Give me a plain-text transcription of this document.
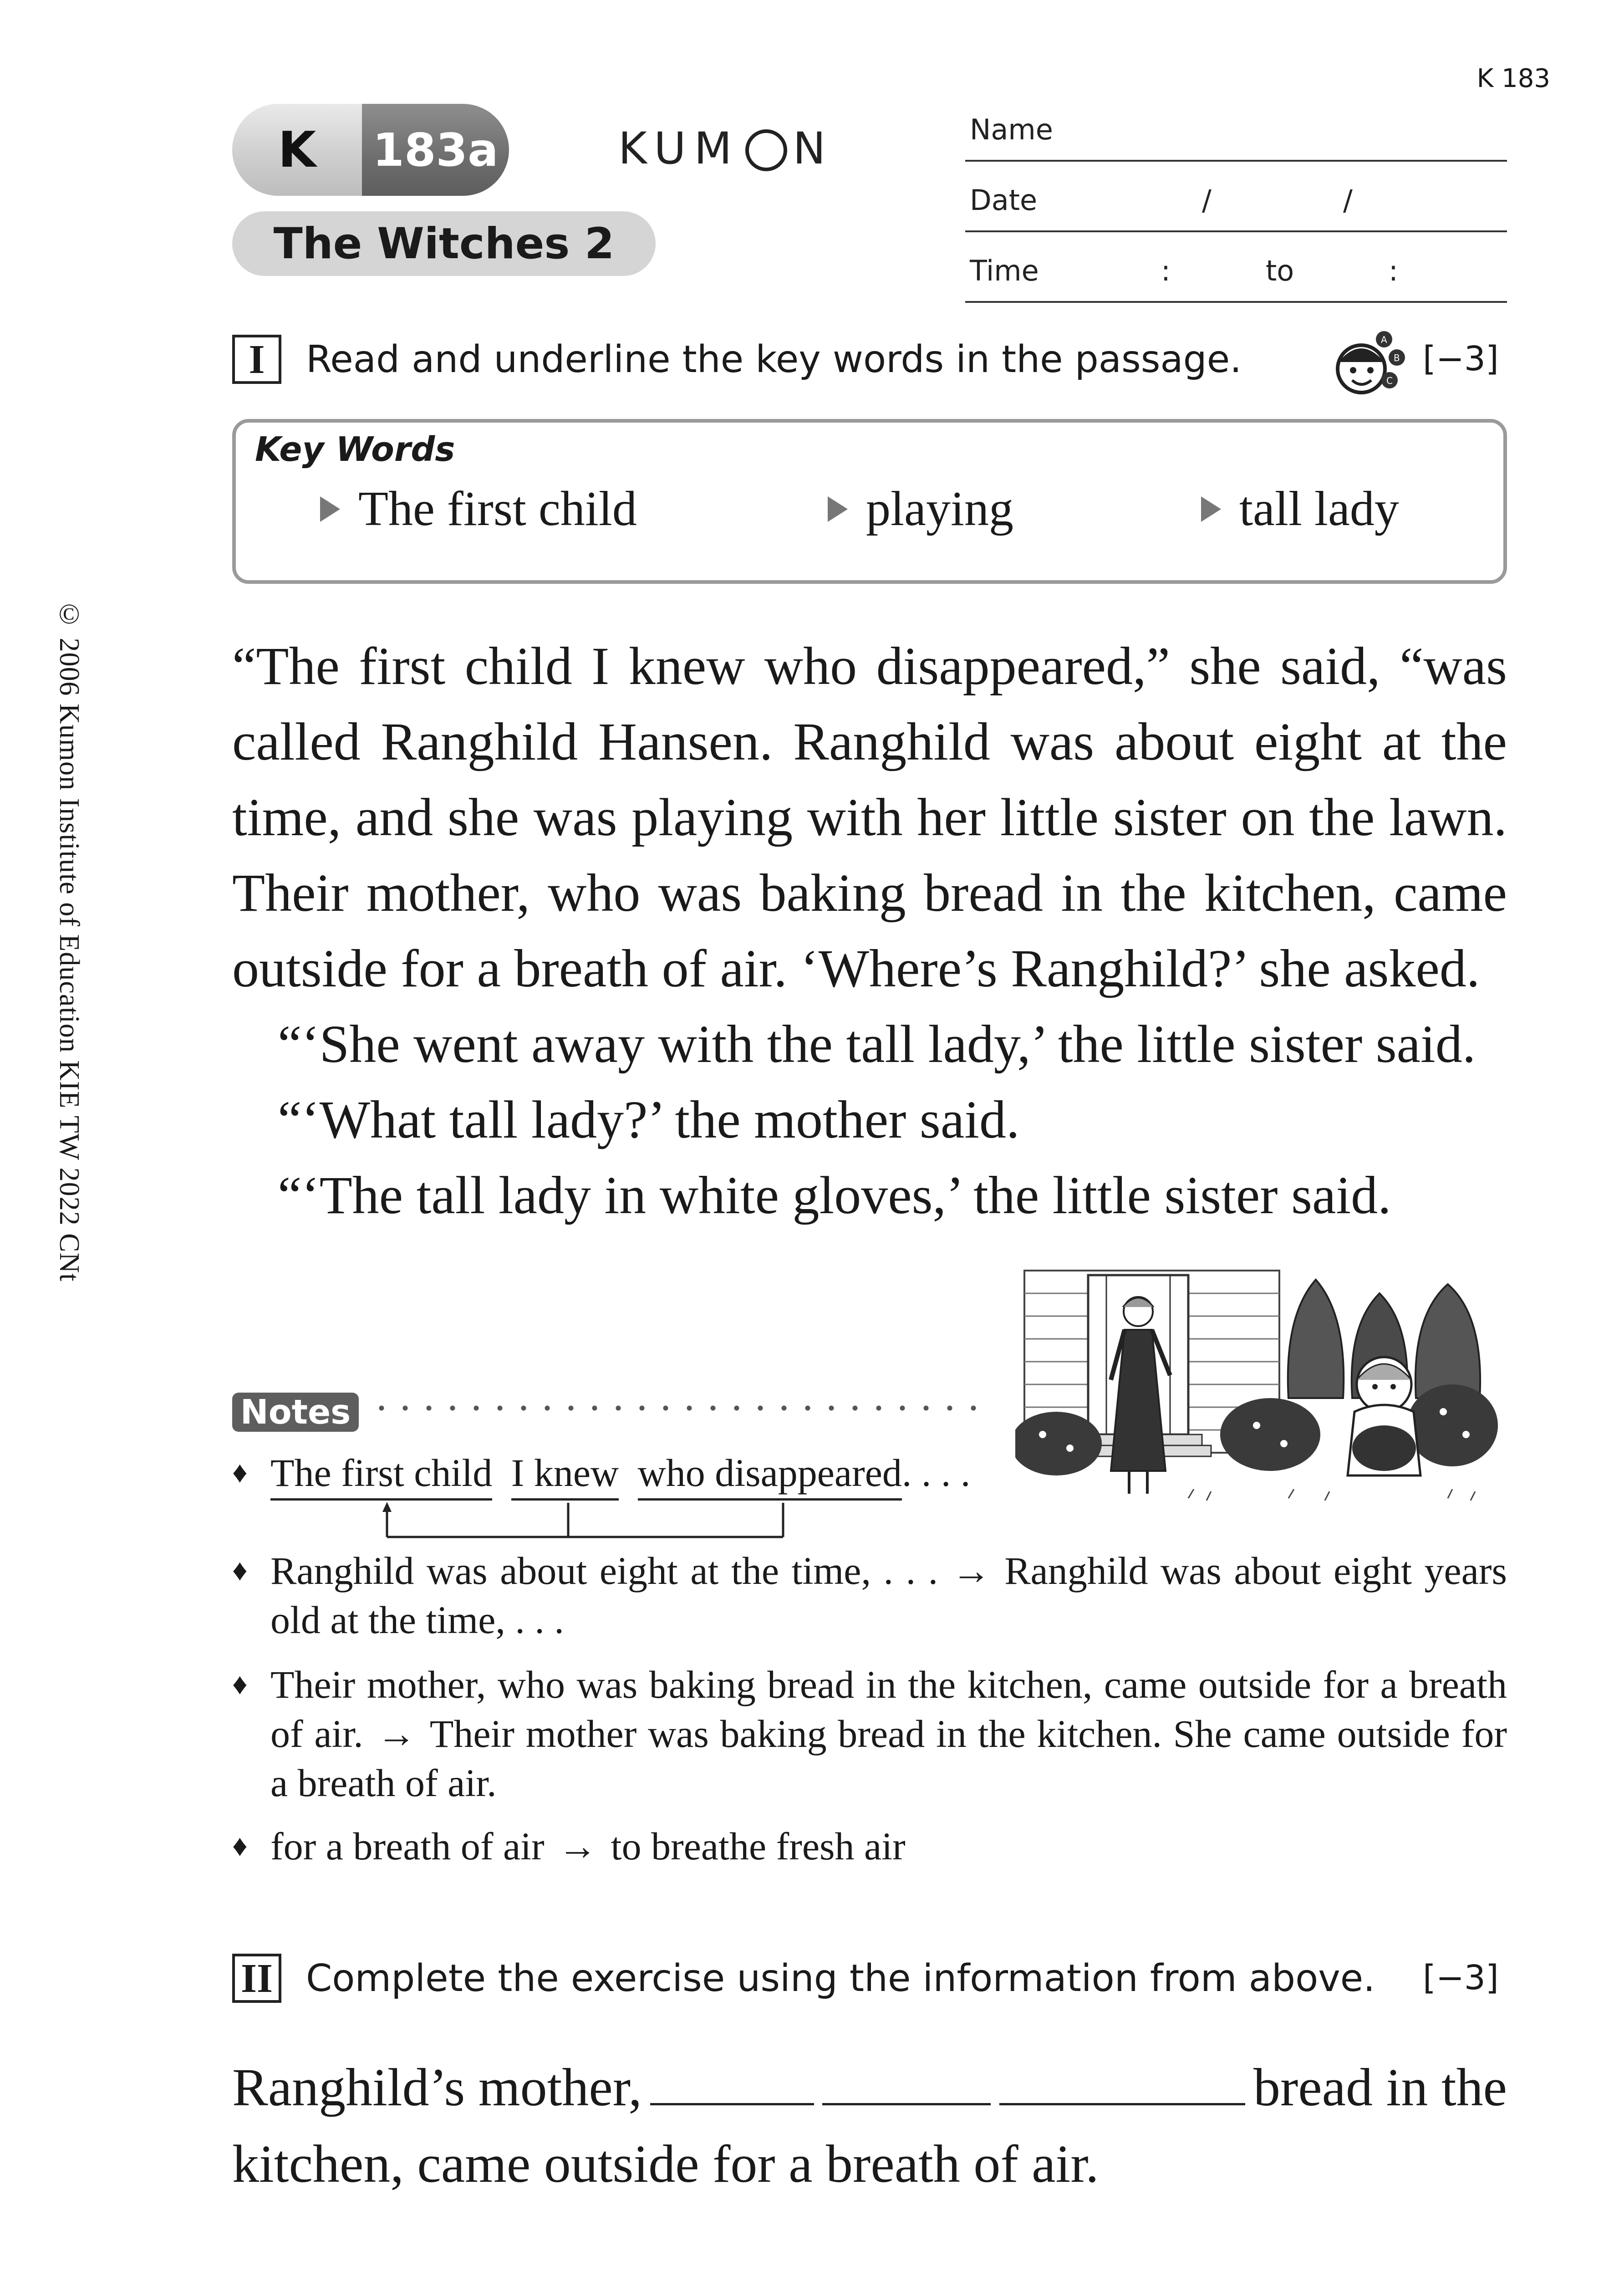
K 183
K	183a	KUM N
The Witches 2
Name
Date	/	/
Time	:	to	:
I	Read and underline the key words in the passage.	A
B
C
[−3]
Key Words
The first child	playing	tall lady
© 2006 Kumon Institute of Education KIE TW 2022 CNt	“The first child I knew who disappeared,” she said, “was

called Ranghild Hansen. Ranghild was about eight at the time, and she was playing with her little sister on the lawn. Their mother, who was baking bread in the kitchen, came outside for a breath of air. ‘Where’s Ranghild?’ she asked.

“‘She went away with the tall lady,’ the little sister said.

“‘What tall lady?’ the mother said.

“‘The tall lady in white gloves,’ the little sister said.

Notes
♦ The first child I knew who disappeared. . . .
♦ Ranghild was about eight at the time, . . . → Ranghild was about eight years old at the time, . . .
♦ Their mother, who was baking bread in the kitchen, came outside for a breath of air. → Their mother was baking bread in the kitchen. She came outside for a breath of air.
♦ for a breath of air → to breathe fresh air
II Complete the exercise using the information from above. [−3]
Ranghild’s mother,	bread in the
kitchen, came outside for a breath of air.
